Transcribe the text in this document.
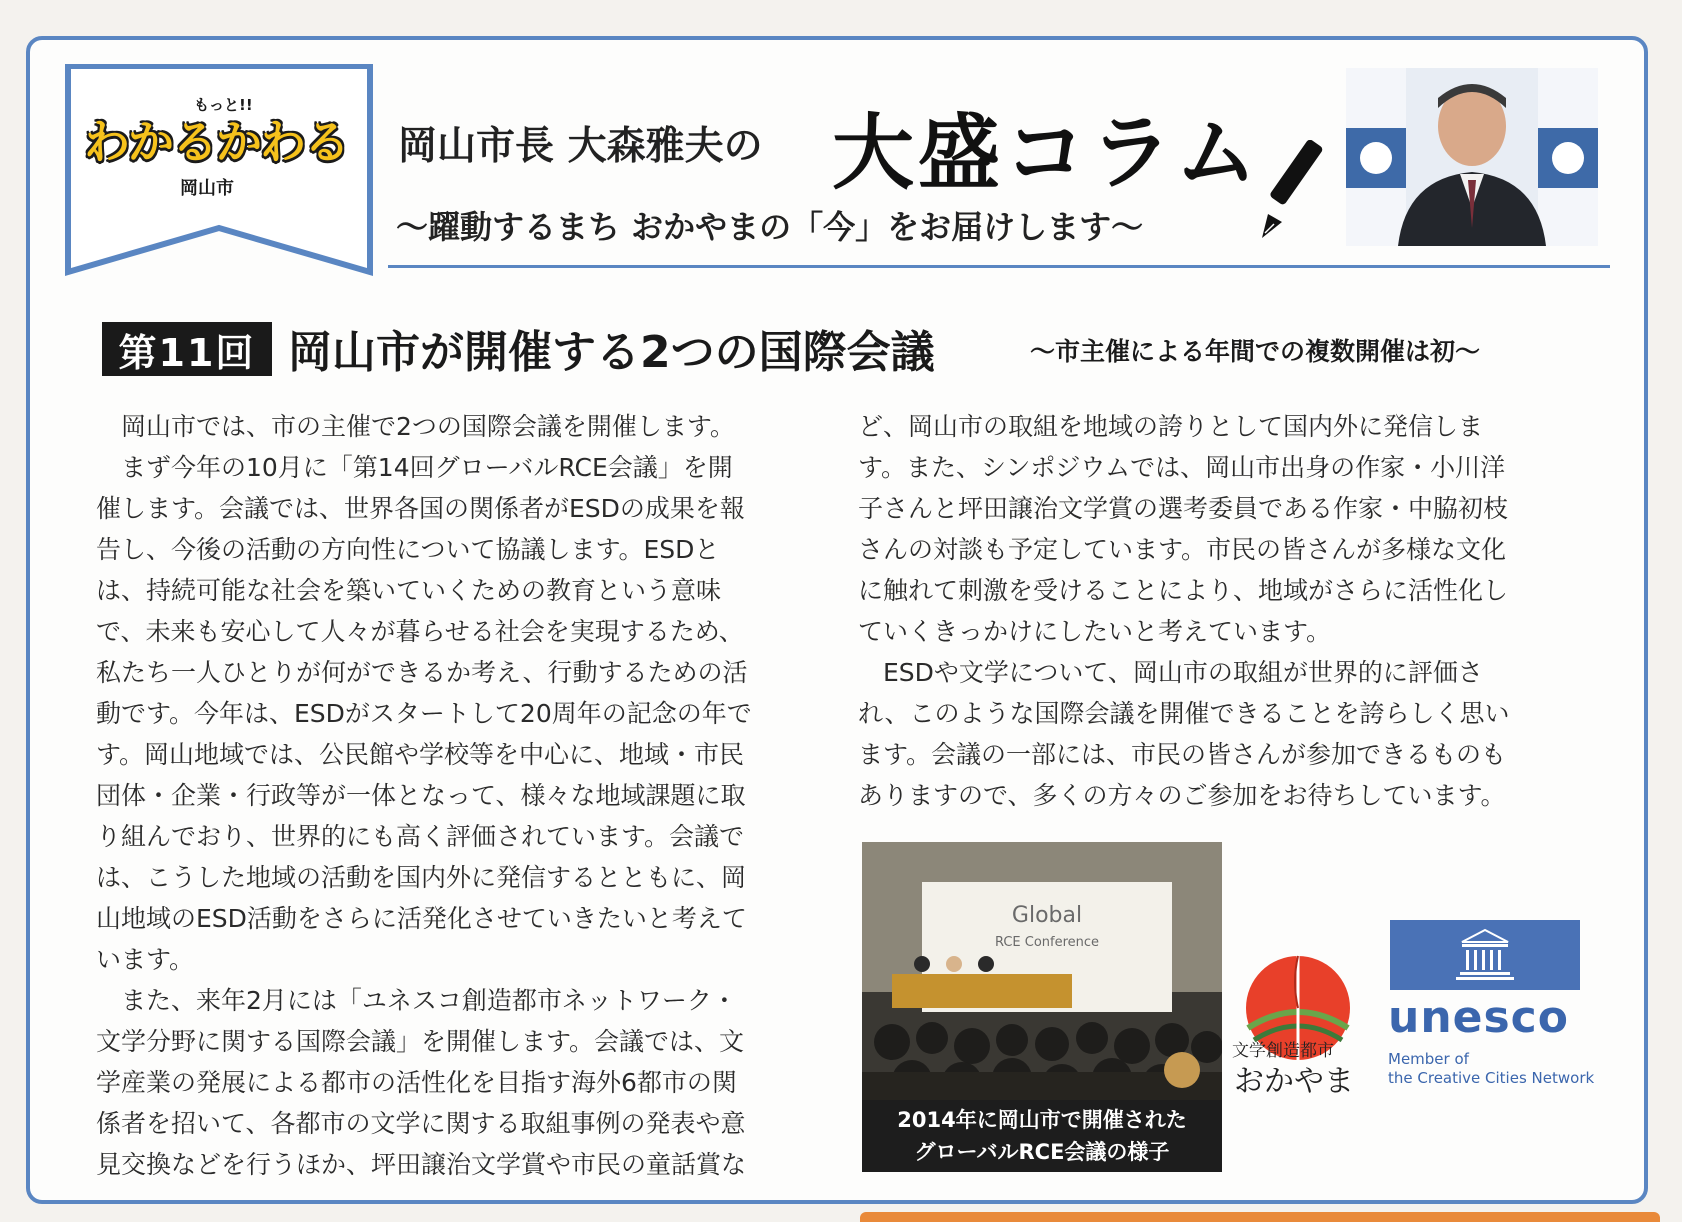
もっと!!
わかるかわる
岡山市
岡山市長 大森雅夫の 大盛コラム
～躍動するまち おかやまの「今」をお届けします～
第11回 岡山市が開催する2つの国際会議	～市主催による年間での複数開催は初～
　岡山市では、市の主催で2つの国際会議を開催します。
　まず今年の10月に「第14回グローバルRCE会議」を開
催します。会議では、世界各国の関係者がESDの成果を報
告し、今後の活動の方向性について協議します。ESDと
は、持続可能な社会を築いていくための教育という意味
で、未来も安心して人々が暮らせる社会を実現するため、
私たち一人ひとりが何ができるか考え、行動するための活
動です。今年は、ESDがスタートして20周年の記念の年で
す。岡山地域では、公民館や学校等を中心に、地域・市民
団体・企業・行政等が一体となって、様々な地域課題に取
り組んでおり、世界的にも高く評価されています。会議で
は、こうした地域の活動を国内外に発信するとともに、岡
山地域のESD活動をさらに活発化させていきたいと考えて
います。
　また、来年2月には「ユネスコ創造都市ネットワーク・
文学分野に関する国際会議」を開催します。会議では、文
学産業の発展による都市の活性化を目指す海外6都市の関
係者を招いて、各都市の文学に関する取組事例の発表や意
見交換などを行うほか、坪田譲治文学賞や市民の童話賞な
ど、岡山市の取組を地域の誇りとして国内外に発信しま
す。また、シンポジウムでは、岡山市出身の作家・小川洋
子さんと坪田譲治文学賞の選考委員である作家・中脇初枝
さんの対談も予定しています。市民の皆さんが多様な文化
に触れて刺激を受けることにより、地域がさらに活性化し
ていくきっかけにしたいと考えています。
　ESDや文学について、岡山市の取組が世界的に評価さ
れ、このような国際会議を開催できることを誇らしく思い
ます。会議の一部には、市民の皆さんが参加できるものも
ありますので、多くの方々のご参加をお待ちしています。
Global
RCE Conference
2014年に岡山市で開催された
グローバルRCE会議の様子
文学創造都市
おかやま
unesco
Member of
the Creative Cities Network
